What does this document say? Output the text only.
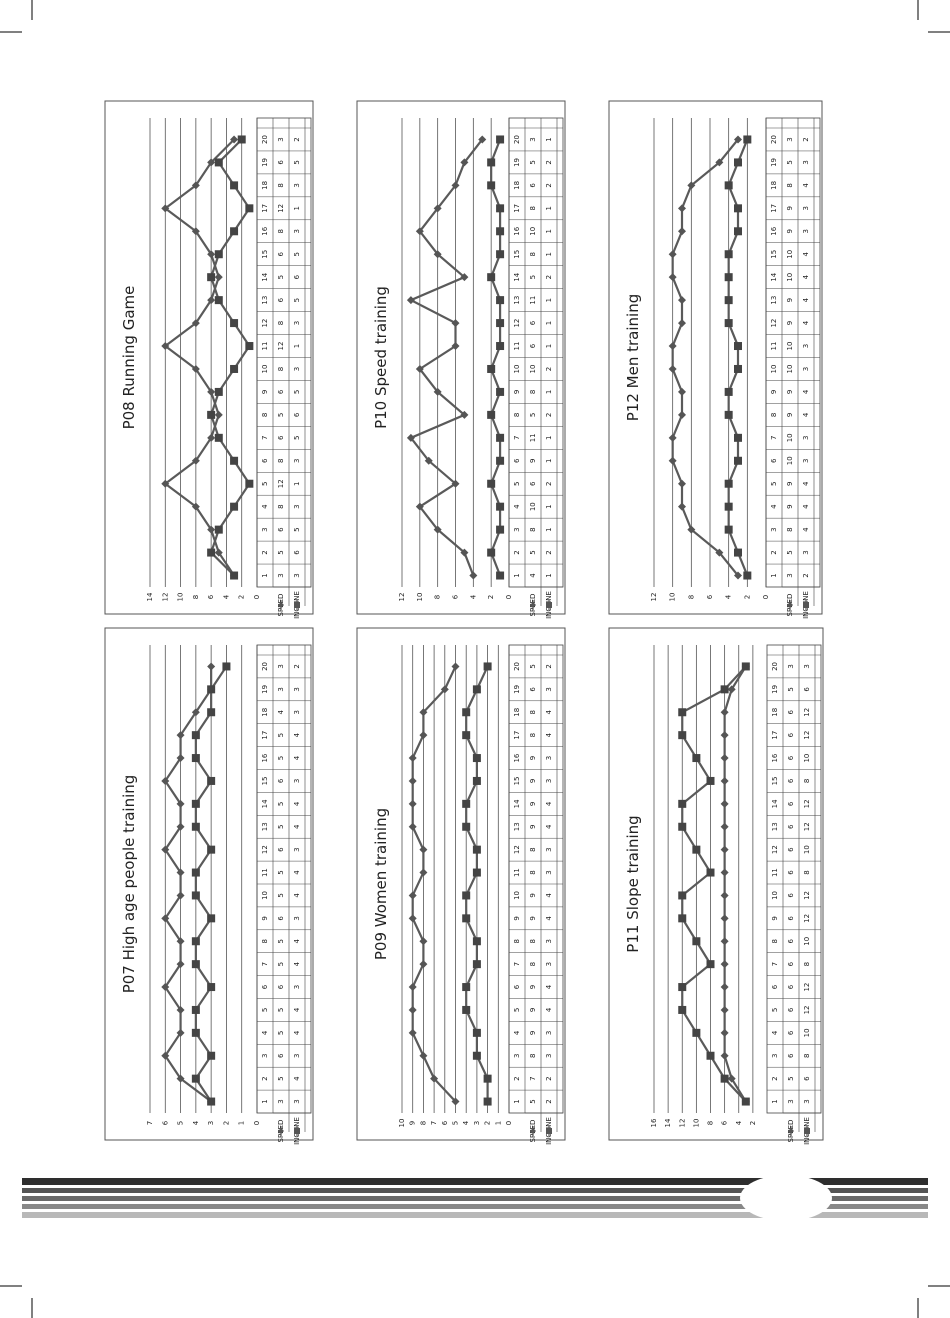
P07 High age people training
0
1
2
3
4
5
6
7
1 3 3
2 5 4
3 6 3
4 5 4
5 5 4
6 6 3
7 5 4
8 5 4
9 6 3
10 5 4
11 5 4
12 6 3
13 5 4
14 5 4
15 6 3
16 5 4
17 5 4
18 4 3
19 3 3
20 3 2
P08 Running Game
0
2
4
6
8
10
12
14
1 3 3
2 5 6
3 6 5
4 8 3
5 12 1
6 8 3
7 6 5
8 5 6
9 6 5
10 8 3
11 12 1
12 8 3
13 6 5
14 5 6
15 6 5
16 8 3
17 12 1
18 8 3
19 6 5
20 3 2
P09 Women training
0
1
2
3
4
5
6
7
8
9
10
1 5 2
2 7 2
3 8 3
4 9 3
5 9 4
6 9 4
7 8 3
8 8 3
9 9 4
10 9 4
11 8 3
12 8 3
13 9 4
14 9 4
15 9 3
16 9 3
17 8 4
18 8 4
19 6 3
20 5 2
P10 Speed training
0
2
4
6
8
10
12
1 4 1
2 5 2
3 8 1
4 10 1
5 6 2
6 9 1
7 11 1
8 5 2
9 8 1
10 10 2
11 6 1
12 6 1
13 11 1
14 5 2
15 8 1
16 10 1
17 8 1
18 6 2
19 5 2
20 3 1
P11 Slope training
2
4
6
8
10
12
14
16
1 3 3
2 5 6
3 6 8
4 6 10
5 6 12
6 6 12
7 6 8
8 6 10
9 6 12
10 6 12
11 6 8
12 6 10
13 6 12
14 6 12
15 6 8
16 6 10
17 6 12
18 6 12
19 5 6
20 3 3
P12 Men training
0
2
4
6
8
10
12
1 3 2
2 5 3
3 8 4
4 9 4
5 9 4
6 10 3
7 10 3
8 9 4
9 9 4
10 10 3
11 10 3
12 9 4
13 9 4
14 10 4
15 10 4
16 9 3
17 9 3
18 8 4
19 5 3
20 3 2
